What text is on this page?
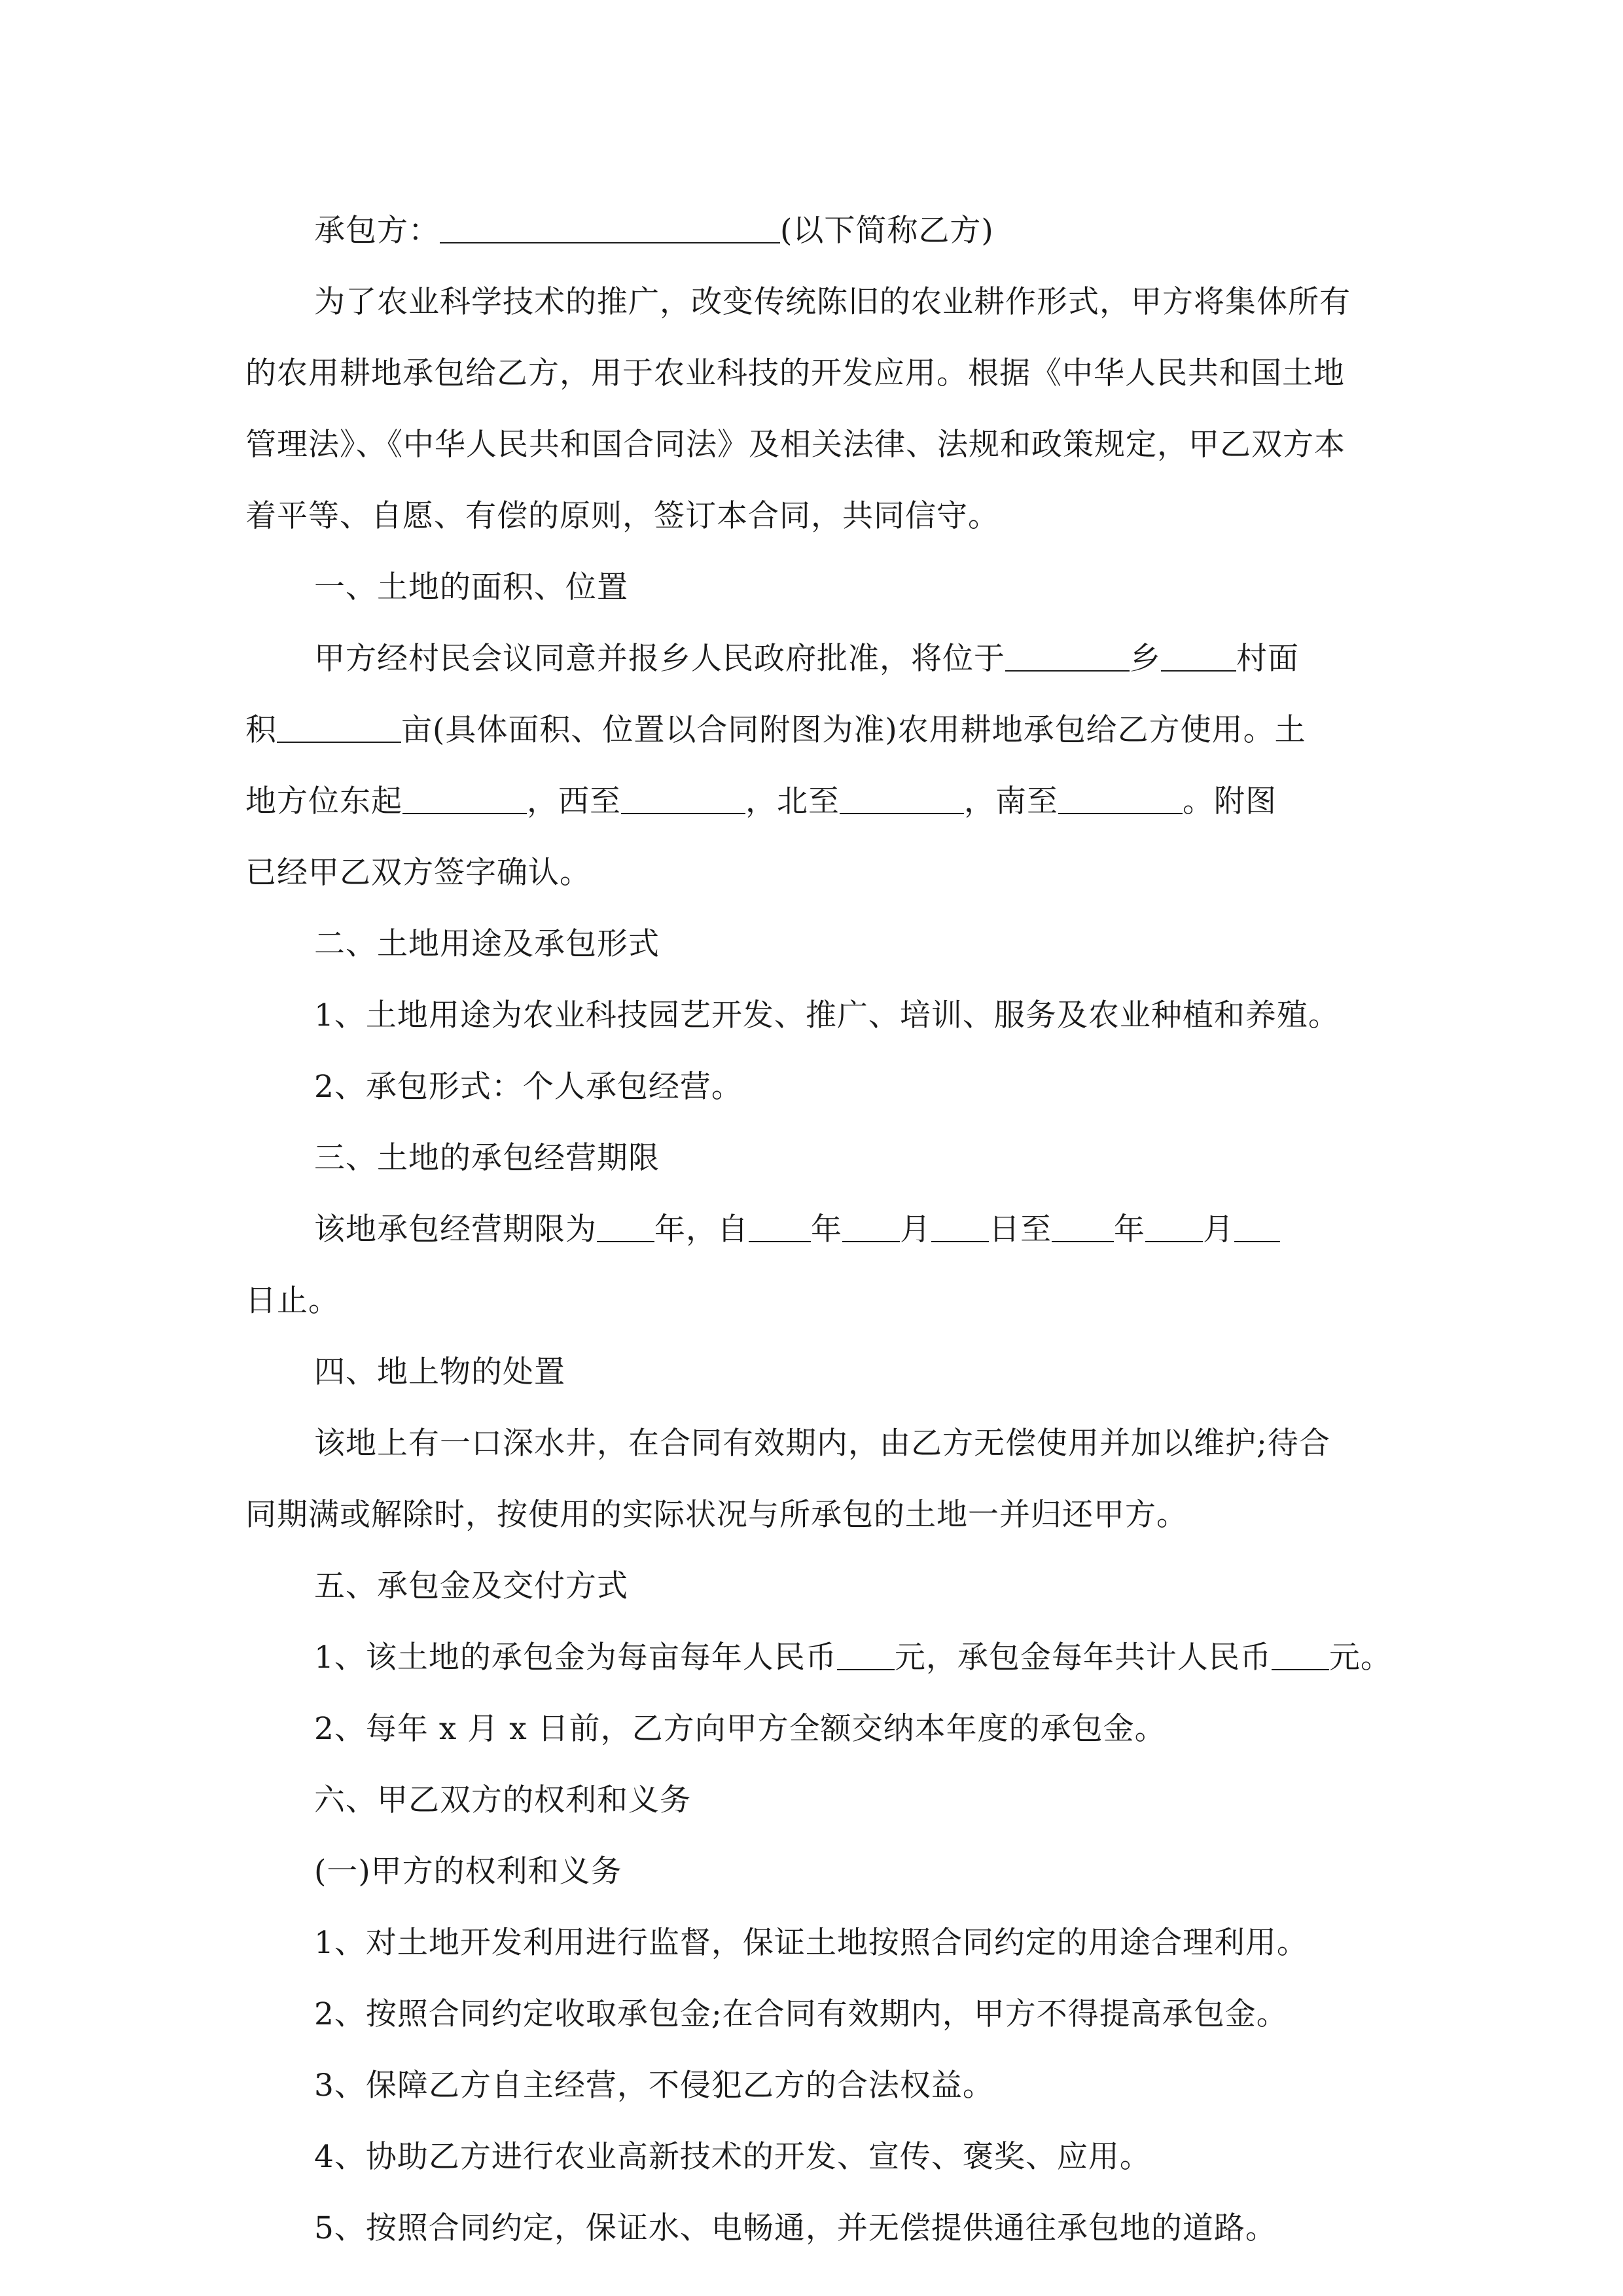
承包方：	(以下简称乙方)
为了农业科学技术的推广，改变传统陈旧的农业耕作形式，甲方将集体所有
的农用耕地承包给乙方，用于农业科技的开发应用。根据《中华人民共和国土地
管理法》、《中华人民共和国合同法》及相关法律、法规和政策规定，甲乙双方本
着平等、自愿、有偿的原则，签订本合同，共同信守。
一、土地的面积、位置
甲方经村民会议同意并报乡人民政府批准，将位于	乡 村面
积	亩(具体面积、位置以合同附图为准)农用耕地承包给乙方使用。土
地方位东起	，西至	，北至	，南至	。附图
已经甲乙双方签字确认。
二、土地用途及承包形式
1、土地用途为农业科技园艺开发、推广、培训、服务及农业种植和养殖。
2、承包形式：个人承包经营。
三、土地的承包经营期限
该地承包经营期限为 年，自 年 月 日至 年 月
日止。
四、地上物的处置
该地上有一口深水井，在合同有效期内，由乙方无偿使用并加以维护;待合
同期满或解除时，按使用的实际状况与所承包的土地一并归还甲方。
五、承包金及交付方式
1、该土地的承包金为每亩每年人民币 元，承包金每年共计人民币 元。
2、每年 x 月 x 日前，乙方向甲方全额交纳本年度的承包金。
六、甲乙双方的权利和义务
(一)甲方的权利和义务
1、对土地开发利用进行监督，保证土地按照合同约定的用途合理利用。
2、按照合同约定收取承包金;在合同有效期内，甲方不得提高承包金。
3、保障乙方自主经营，不侵犯乙方的合法权益。
4、协助乙方进行农业高新技术的开发、宣传、褒奖、应用。
5、按照合同约定，保证水、电畅通，并无偿提供通往承包地的道路。
